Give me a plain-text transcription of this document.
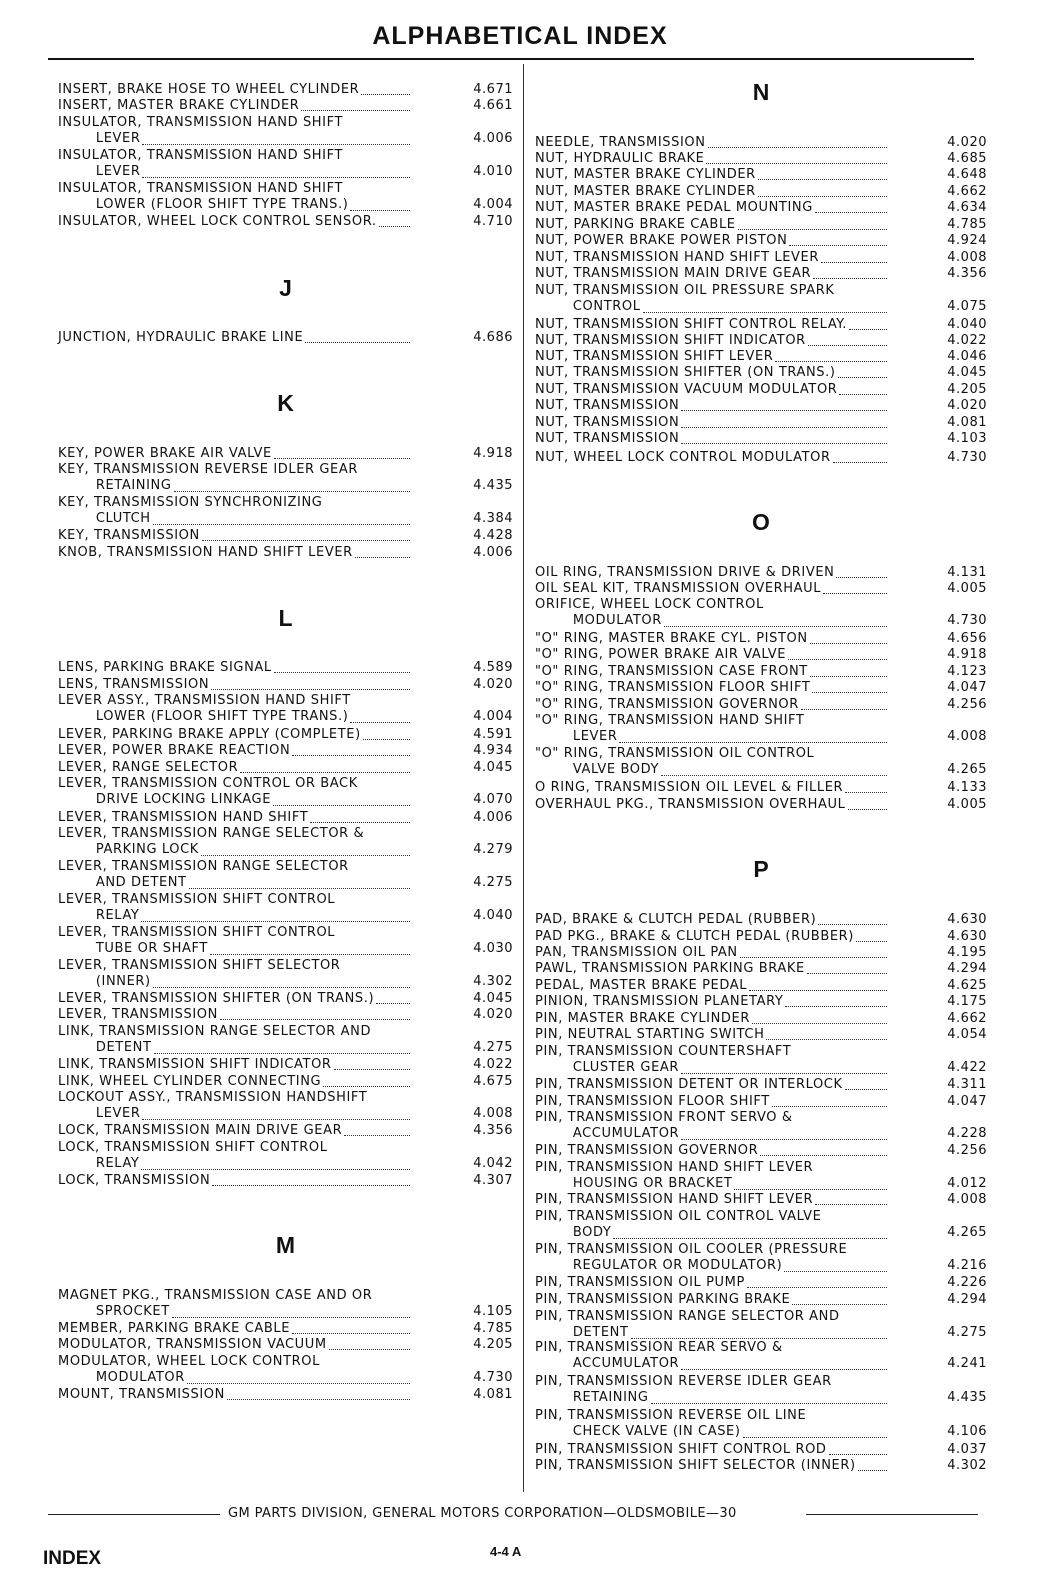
ALPHABETICAL INDEX
INSERT, BRAKE HOSE TO WHEEL CYLINDER	4.671
INSERT, MASTER BRAKE CYLINDER	4.661
INSULATOR, TRANSMISSION HAND SHIFT
LEVER	4.006
INSULATOR, TRANSMISSION HAND SHIFT
LEVER	4.010
INSULATOR, TRANSMISSION HAND SHIFT
LOWER (FLOOR SHIFT TYPE TRANS.)	4.004
INSULATOR, WHEEL LOCK CONTROL SENSOR.	4.710
J
JUNCTION, HYDRAULIC BRAKE LINE	4.686
K
KEY, POWER BRAKE AIR VALVE	4.918
KEY, TRANSMISSION REVERSE IDLER GEAR
RETAINING	4.435
KEY, TRANSMISSION SYNCHRONIZING
CLUTCH	4.384
KEY, TRANSMISSION	4.428
KNOB, TRANSMISSION HAND SHIFT LEVER	4.006
L
LENS, PARKING BRAKE SIGNAL	4.589
LENS, TRANSMISSION	4.020
LEVER ASSY., TRANSMISSION HAND SHIFT
LOWER (FLOOR SHIFT TYPE TRANS.)	4.004
LEVER, PARKING BRAKE APPLY (COMPLETE)	4.591
LEVER, POWER BRAKE REACTION	4.934
LEVER, RANGE SELECTOR	4.045
LEVER, TRANSMISSION CONTROL OR BACK
DRIVE LOCKING LINKAGE	4.070
LEVER, TRANSMISSION HAND SHIFT	4.006
LEVER, TRANSMISSION RANGE SELECTOR &
PARKING LOCK	4.279
LEVER, TRANSMISSION RANGE SELECTOR
AND DETENT	4.275
LEVER, TRANSMISSION SHIFT CONTROL
RELAY	4.040
LEVER, TRANSMISSION SHIFT CONTROL
TUBE OR SHAFT	4.030
LEVER, TRANSMISSION SHIFT SELECTOR
(INNER)	4.302
LEVER, TRANSMISSION SHIFTER (ON TRANS.)	4.045
LEVER, TRANSMISSION	4.020
LINK, TRANSMISSION RANGE SELECTOR AND
DETENT	4.275
LINK, TRANSMISSION SHIFT INDICATOR	4.022
LINK, WHEEL CYLINDER CONNECTING	4.675
LOCKOUT ASSY., TRANSMISSION HANDSHIFT
LEVER	4.008
LOCK, TRANSMISSION MAIN DRIVE GEAR	4.356
LOCK, TRANSMISSION SHIFT CONTROL
RELAY	4.042
LOCK, TRANSMISSION	4.307
M
MAGNET PKG., TRANSMISSION CASE AND OR
SPROCKET	4.105
MEMBER, PARKING BRAKE CABLE	4.785
MODULATOR, TRANSMISSION VACUUM	4.205
MODULATOR, WHEEL LOCK CONTROL
MODULATOR	4.730
MOUNT, TRANSMISSION	4.081
N
NEEDLE, TRANSMISSION	4.020
NUT, HYDRAULIC BRAKE	4.685
NUT, MASTER BRAKE CYLINDER	4.648
NUT, MASTER BRAKE CYLINDER	4.662
NUT, MASTER BRAKE PEDAL MOUNTING	4.634
NUT, PARKING BRAKE CABLE	4.785
NUT, POWER BRAKE POWER PISTON	4.924
NUT, TRANSMISSION HAND SHIFT LEVER	4.008
NUT, TRANSMISSION MAIN DRIVE GEAR	4.356
NUT, TRANSMISSION OIL PRESSURE SPARK
CONTROL	4.075
NUT, TRANSMISSION SHIFT CONTROL RELAY.	4.040
NUT, TRANSMISSION SHIFT INDICATOR	4.022
NUT, TRANSMISSION SHIFT LEVER	4.046
NUT, TRANSMISSION SHIFTER (ON TRANS.)	4.045
NUT, TRANSMISSION VACUUM MODULATOR	4.205
NUT, TRANSMISSION	4.020
NUT, TRANSMISSION	4.081
NUT, TRANSMISSION	4.103
NUT, WHEEL LOCK CONTROL MODULATOR	4.730
O
OIL RING, TRANSMISSION DRIVE & DRIVEN	4.131
OIL SEAL KIT, TRANSMISSION OVERHAUL	4.005
ORIFICE, WHEEL LOCK CONTROL
MODULATOR	4.730
"O" RING, MASTER BRAKE CYL. PISTON	4.656
"O" RING, POWER BRAKE AIR VALVE	4.918
"O" RING, TRANSMISSION CASE FRONT	4.123
"O" RING, TRANSMISSION FLOOR SHIFT	4.047
"O" RING, TRANSMISSION GOVERNOR	4.256
"O" RING, TRANSMISSION HAND SHIFT
LEVER	4.008
"O" RING, TRANSMISSION OIL CONTROL
VALVE BODY	4.265
O RING, TRANSMISSION OIL LEVEL & FILLER	4.133
OVERHAUL PKG., TRANSMISSION OVERHAUL	4.005
P
PAD, BRAKE & CLUTCH PEDAL (RUBBER)	4.630
PAD PKG., BRAKE & CLUTCH PEDAL (RUBBER)	4.630
PAN, TRANSMISSION OIL PAN	4.195
PAWL, TRANSMISSION PARKING BRAKE	4.294
PEDAL, MASTER BRAKE PEDAL	4.625
PINION, TRANSMISSION PLANETARY	4.175
PIN, MASTER BRAKE CYLINDER	4.662
PIN, NEUTRAL STARTING SWITCH	4.054
PIN, TRANSMISSION COUNTERSHAFT
CLUSTER GEAR	4.422
PIN, TRANSMISSION DETENT OR INTERLOCK	4.311
PIN, TRANSMISSION FLOOR SHIFT	4.047
PIN, TRANSMISSION FRONT SERVO &
ACCUMULATOR	4.228
PIN, TRANSMISSION GOVERNOR	4.256
PIN, TRANSMISSION HAND SHIFT LEVER
HOUSING OR BRACKET	4.012
PIN, TRANSMISSION HAND SHIFT LEVER	4.008
PIN, TRANSMISSION OIL CONTROL VALVE
BODY	4.265
PIN, TRANSMISSION OIL COOLER (PRESSURE
REGULATOR OR MODULATOR)	4.216
PIN, TRANSMISSION OIL PUMP	4.226
PIN, TRANSMISSION PARKING BRAKE	4.294
PIN, TRANSMISSION RANGE SELECTOR AND
DETENT	4.275
PIN, TRANSMISSION REAR SERVO &
ACCUMULATOR	4.241
PIN, TRANSMISSION REVERSE IDLER GEAR
RETAINING	4.435
PIN, TRANSMISSION REVERSE OIL LINE
CHECK VALVE (IN CASE)	4.106
PIN, TRANSMISSION SHIFT CONTROL ROD	4.037
PIN, TRANSMISSION SHIFT SELECTOR (INNER)	4.302
GM PARTS DIVISION, GENERAL MOTORS CORPORATION—OLDSMOBILE—30
INDEX	4-4 A
